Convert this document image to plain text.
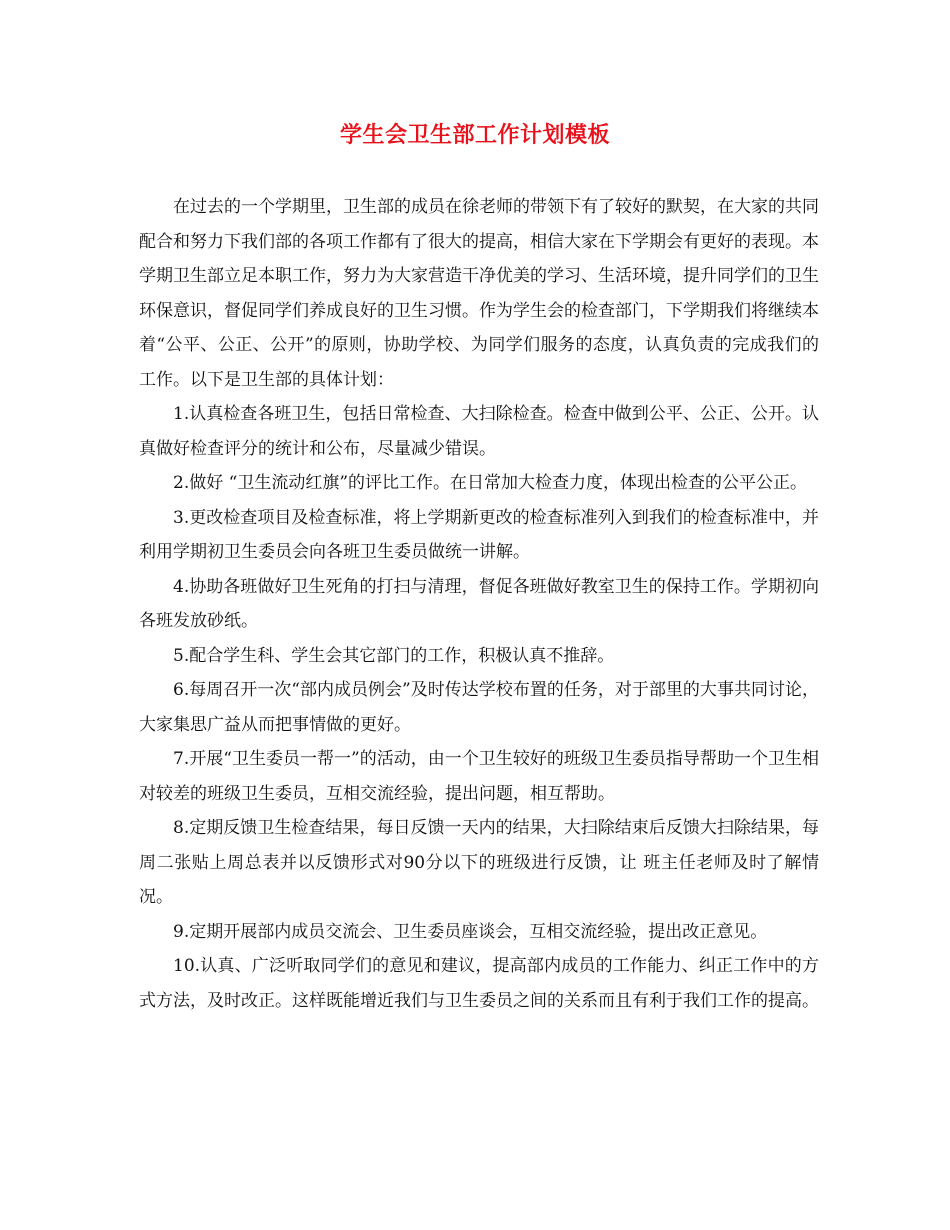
学生会卫生部工作计划模板

在过去的一个学期里，卫生部的成员在徐老师的带领下有了较好的默契，在大家的共同配合和努力下我们部的各项工作都有了很大的提高，相信大家在下学期会有更好的表现。本学期卫生部立足本职工作，努力为大家营造干净优美的学习、生活环境，提升同学们的卫生环保意识，督促同学们养成良好的卫生习惯。作为学生会的检查部门，下学期我们将继续本着“公平、公正、公开”的原则，协助学校、为同学们服务的态度，认真负责的完成我们的工作。以下是卫生部的具体计划：

1.认真检查各班卫生，包括日常检查、大扫除检查。检查中做到公平、公正、公开。认真做好检查评分的统计和公布，尽量减少错误。

2.做好 “卫生流动红旗”的评比工作。在日常加大检查力度，体现出检查的公平公正。

3.更改检查项目及检查标准，将上学期新更改的检查标准列入到我们的检查标准中，并利用学期初卫生委员会向各班卫生委员做统一讲解。

4.协助各班做好卫生死角的打扫与清理，督促各班做好教室卫生的保持工作。学期初向各班发放砂纸。

5.配合学生科、学生会其它部门的工作，积极认真不推辞。

6.每周召开一次“部内成员例会”及时传达学校布置的任务，对于部里的大事共同讨论，大家集思广益从而把事情做的更好。

7.开展“卫生委员一帮一”的活动，由一个卫生较好的班级卫生委员指导帮助一个卫生相对较差的班级卫生委员，互相交流经验，提出问题，相互帮助。

8.定期反馈卫生检查结果，每日反馈一天内的结果，大扫除结束后反馈大扫除结果，每周二张贴上周总表并以反馈形式对90分以下的班级进行反馈，让 班主任老师及时了解情况。

9.定期开展部内成员交流会、卫生委员座谈会，互相交流经验，提出改正意见。

10.认真、广泛听取同学们的意见和建议，提高部内成员的工作能力、纠正工作中的方式方法，及时改正。这样既能增近我们与卫生委员之间的关系而且有利于我们工作的提高。
